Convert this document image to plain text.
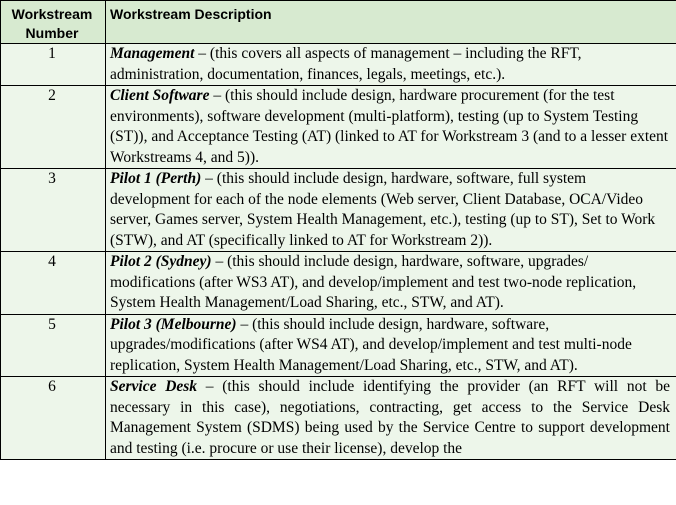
Workstream Number	Workstream Description
1	Management – (this covers all aspects of management – including the RFT, administration, documentation, finances, legals, meetings, etc.).
2	Client Software – (this should include design, hardware procurement (for the test environments), software development (multi-platform), testing (up to System Testing (ST)), and Acceptance Testing (AT) (linked to AT for Workstream 3 (and to a lesser extent Workstreams 4, and 5)).
3	Pilot 1 (Perth) – (this should include design, hardware, software, full system development for each of the node elements (Web server, Client Database, OCA/Video server, Games server, System Health Management, etc.), testing (up to ST), Set to Work (STW), and AT (specifically linked to AT for Workstream 2)).
4	Pilot 2 (Sydney) – (this should include design, hardware, software, upgrades/ modifications (after WS3 AT), and develop/implement and test two-node replication, System Health Management/Load Sharing, etc., STW, and AT).
5	Pilot 3 (Melbourne) – (this should include design, hardware, software, upgrades/modifications (after WS4 AT), and develop/implement and test multi-node replication, System Health Management/Load Sharing, etc., STW, and AT).
6	Service Desk – (this should include identifying the provider (an RFT will not be necessary in this case), negotiations, contracting, get access to the Service Desk Management System (SDMS) being used by the Service Centre to support development and testing (i.e. procure or use their license), develop the
